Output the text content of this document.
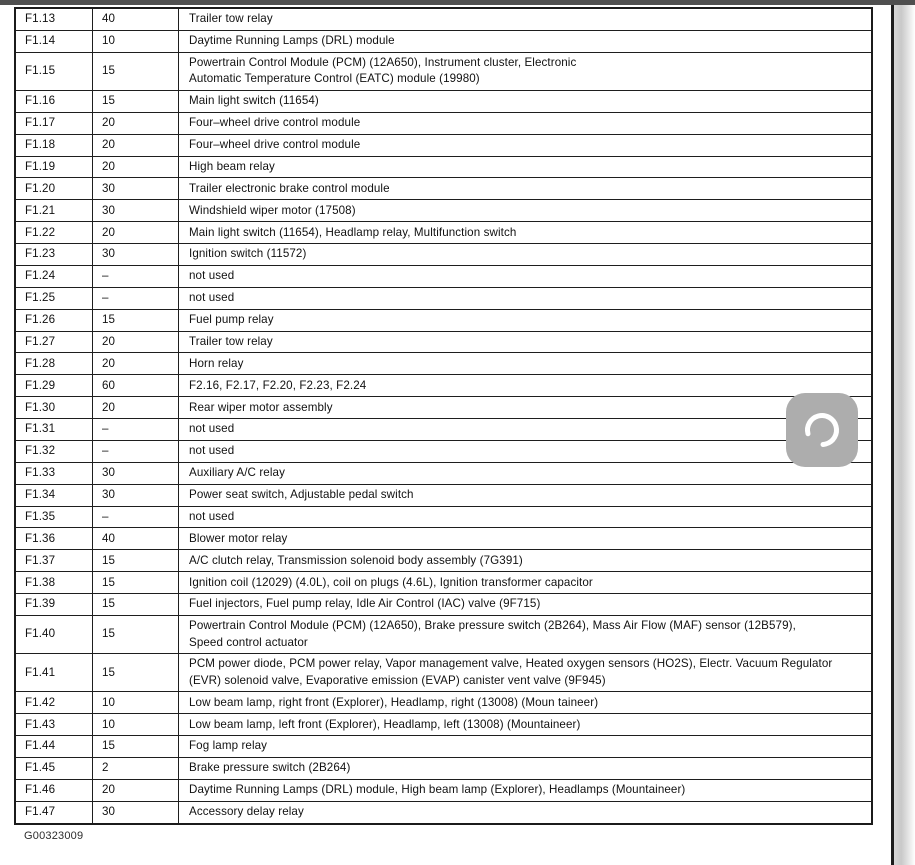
F1.13	40	Trailer tow relay
F1.14	10	Daytime Running Lamps (DRL) module
F1.15	15
Powertrain Control Module (PCM) (12A650), Instrument cluster, Electronic
Automatic Temperature Control (EATC) module (19980)
F1.16	15	Main light switch (11654)
F1.17	20	Four–wheel drive control module
F1.18	20	Four–wheel drive control module
F1.19	20	High beam relay
F1.20	30	Trailer electronic brake control module
F1.21	30	Windshield wiper motor (17508)
F1.22	20	Main light switch (11654), Headlamp relay, Multifunction switch
F1.23	30	Ignition switch (11572)
F1.24	–	not used
F1.25	–	not used
F1.26	15	Fuel pump relay
F1.27	20	Trailer tow relay
F1.28	20	Horn relay
F1.29	60	F2.16, F2.17, F2.20, F2.23, F2.24
F1.30	20	Rear wiper motor assembly
F1.31	–	not used
F1.32	–	not used
F1.33	30	Auxiliary A/C relay
F1.34	30	Power seat switch, Adjustable pedal switch
F1.35	–	not used
F1.36	40	Blower motor relay
F1.37	15	A/C clutch relay, Transmission solenoid body assembly (7G391)
F1.38	15	Ignition coil (12029) (4.0L), coil on plugs (4.6L), Ignition transformer capacitor
F1.39	15	Fuel injectors, Fuel pump relay, Idle Air Control (IAC) valve (9F715)
F1.40	15
Powertrain Control Module (PCM) (12A650), Brake pressure switch (2B264), Mass Air Flow (MAF) sensor (12B579),
Speed control actuator
F1.41	15
PCM power diode, PCM power relay, Vapor management valve, Heated oxygen sensors (HO2S), Electr. Vacuum Regulator
(EVR) solenoid valve, Evaporative emission (EVAP) canister vent valve (9F945)
F1.42	10	Low beam lamp, right front (Explorer), Headlamp, right (13008) (Moun taineer)
F1.43	10	Low beam lamp, left front (Explorer), Headlamp, left (13008) (Mountaineer)
F1.44	15	Fog lamp relay
F1.45	2	Brake pressure switch (2B264)
F1.46	20	Daytime Running Lamps (DRL) module, High beam lamp (Explorer), Headlamps (Mountaineer)
F1.47	30	Accessory delay relay
G00323009
